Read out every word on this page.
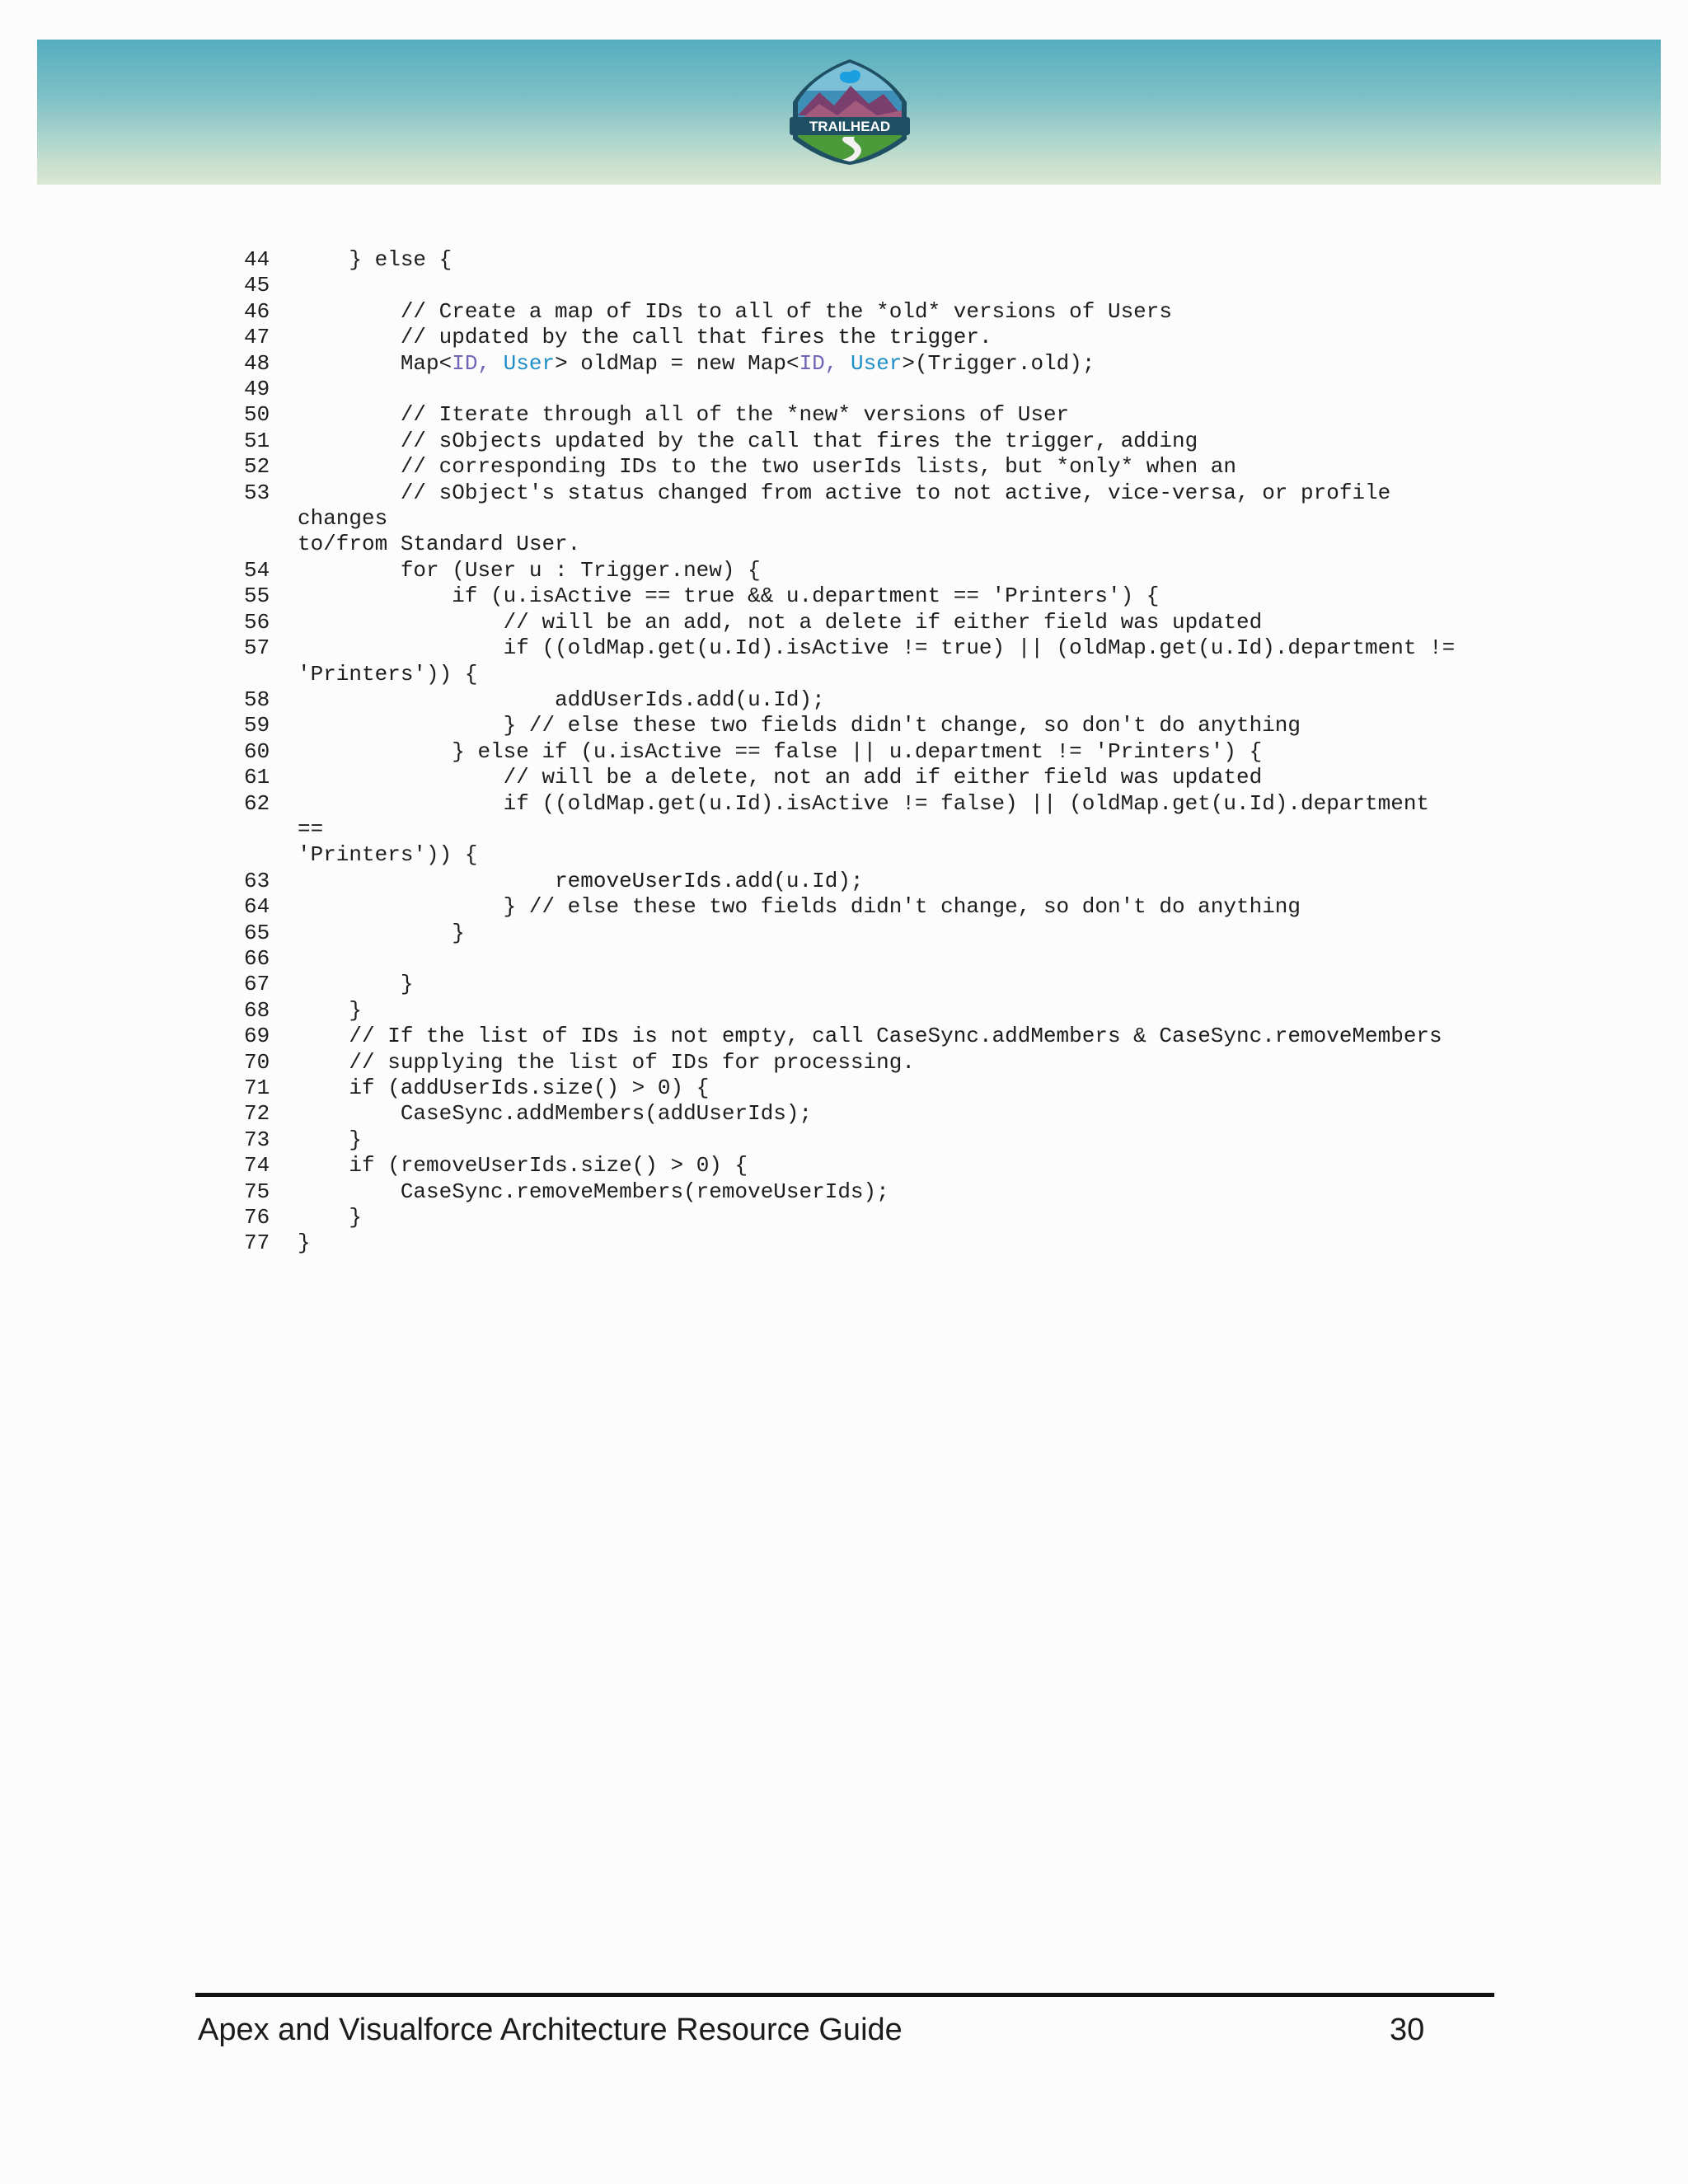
TRAILHEAD
44	} else {
45
46	// Create a map of IDs to all of the *old* versions of Users
47	// updated by the call that fires the trigger.
48	Map<ID, User> oldMap = new Map<ID, User>(Trigger.old);
49
50	// Iterate through all of the *new* versions of User
51	// sObjects updated by the call that fires the trigger, adding
52	// corresponding IDs to the two userIds lists, but *only* when an
53	// sObject's status changed from active to not active, vice-versa, or profile changes
to/from Standard User.
54	for (User u : Trigger.new) {
55	if (u.isActive == true && u.department == 'Printers') {
56	// will be an add, not a delete if either field was updated
57	if ((oldMap.get(u.Id).isActive != true) || (oldMap.get(u.Id).department !=
'Printers')) {
58	addUserIds.add(u.Id);
59	} // else these two fields didn't change, so don't do anything
60	} else if (u.isActive == false || u.department != 'Printers') {
61	// will be a delete, not an add if either field was updated
62	if ((oldMap.get(u.Id).isActive != false) || (oldMap.get(u.Id).department ==
'Printers')) {
63	removeUserIds.add(u.Id);
64	} // else these two fields didn't change, so don't do anything
65	}
66
67	}
68	}
69	// If the list of IDs is not empty, call CaseSync.addMembers & CaseSync.removeMembers
70	// supplying the list of IDs for processing.
71	if (addUserIds.size() > 0) {
72	CaseSync.addMembers(addUserIds);
73	}
74	if (removeUserIds.size() > 0) {
75	CaseSync.removeMembers(removeUserIds);
76	}
77	}
Apex and Visualforce Architecture Resource Guide	30
